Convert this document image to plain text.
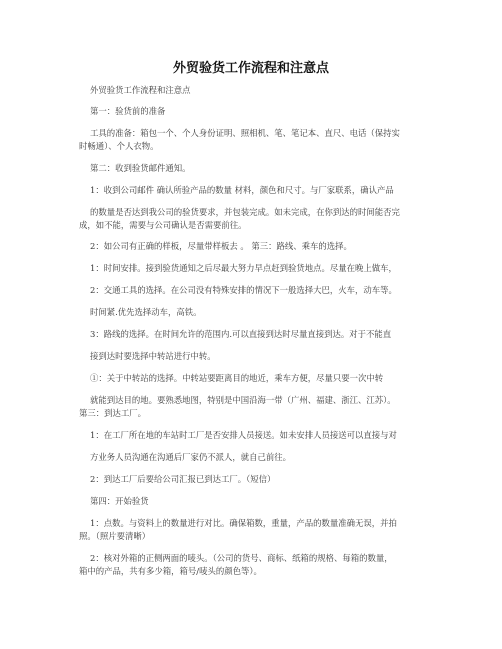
外贸验货工作流程和注意点

外贸验货工作流程和注意点

第一：验货前的准备

工具的准备：箱包一个、个人身份证明、照相机、笔、笔记本、直尺、电话（保持实

时畅通）、个人衣物。

第二：收到验货邮件通知。

1：收到公司邮件 确认所验产品的数量 材料，颜色和尺寸。与厂家联系，确认产品

的数量是否达到我公司的验货要求，并包装完成。如未完成，在你到达的时间能否完

成，如不能，需要与公司确认是否需要前往。

2：如公司有正确的样板，尽量带样板去 。 第三：路线、乘车的选择。

1：时间安排。接到验货通知之后尽最大努力早点赶到验货地点。尽量在晚上做车，

2：交通工具的选择。在公司没有特殊安排的情况下一般选择大巴，火车，动车等。

时间紧.优先选择动车，高铁。

3：路线的选择。在时间允许的范围内.可以直接到达时尽量直接到达。对于不能直

接到达时要选择中转站进行中转。

①：关于中转站的选择。中转站要距离目的地近，乘车方便，尽量只要一次中转

就能到达目的地。要熟悉地图，特别是中国沿海一带（广州、福建、浙江、江苏）。

第三：到达工厂。

1：在工厂所在地的车站时工厂是否安排人员接送。如未安排人员接送可以直接与对

方业务人员沟通在沟通后厂家仍不派人，就自己前往。

2：到达工厂后要给公司汇报已到达工厂。（短信）

第四：开始验货

1：点数。与资料上的数量进行对比。确保箱数，重量，产品的数量准确无误，并拍

照。（照片要清晰）

2：核对外箱的正侧两面的唛头。（公司的货号、商标、纸箱的规格、每箱的数量，

箱中的产品，共有多少箱，箱号/唛头的颜色等）。
